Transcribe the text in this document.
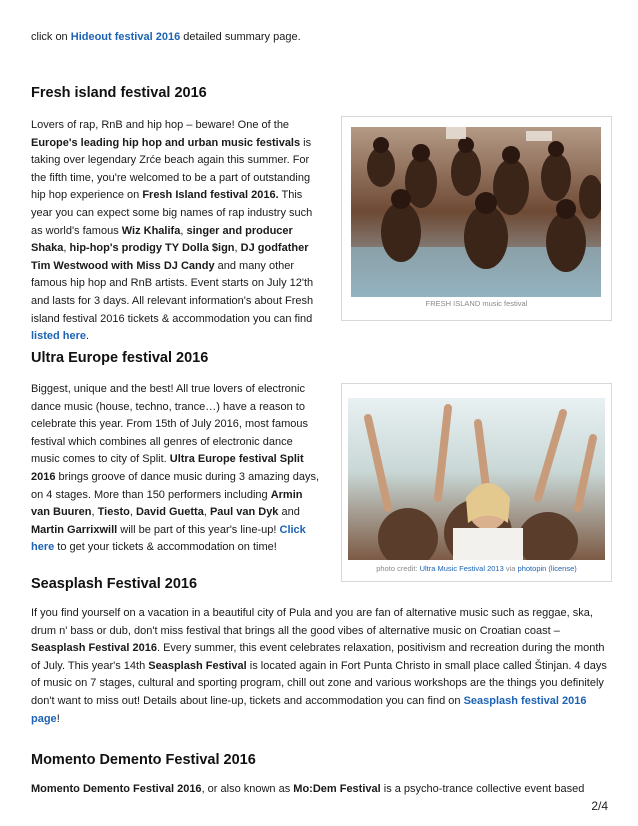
click on Hideout festival 2016 detailed summary page.

Fresh island festival 2016

Lovers of rap, RnB and hip hop – beware! One of the Europe's leading hip hop and urban music festivals is taking over legendary Zrće beach again this summer. For the fifth time, you're welcomed to be a part of outstanding hip hop experience on Fresh Island festival 2016. This year you can expect some big names of rap industry such as world's famous Wiz Khalifa, singer and producer Shaka, hip-hop's prodigy TY Dolla $ign, DJ godfather Tim Westwood with Miss DJ Candy and many other famous hip hop and RnB artists. Event starts on July 12'th and lasts for 3 days. All relevant information's about Fresh island festival 2016 tickets & accommodation you can find listed here.

FRESH ISLAND music festival
Ultra Europe festival 2016

Biggest, unique and the best! All true lovers of electronic dance music (house, techno, trance…) have a reason to celebrate this year. From 15th of July 2016, most famous festival which combines all genres of electronic dance music comes to city of Split. Ultra Europe festival Split 2016 brings groove of dance music during 3 amazing days, on 4 stages. More than 150 performers including Armin van Buuren, Tiesto, David Guetta, Paul van Dyk and Martin Garrixwill will be part of this year's line-up! Click here to get your tickets & accommodation on time!

photo credit: Ultra Music Festival 2013 via photopin (license)
Seasplash Festival 2016

If you find yourself on a vacation in a beautiful city of Pula and you are fan of alternative music such as reggae, ska, drum n' bass or dub, don't miss festival that brings all the good vibes of alternative music on Croatian coast – Seasplash Festival 2016. Every summer, this event celebrates relaxation, positivism and recreation during the month of July. This year's 14th Seasplash Festival is located again in Fort Punta Christo in small place called Štinjan. 4 days of music on 7 stages, cultural and sporting program, chill out zone and various workshops are the things you definitely don't want to miss out! Details about line-up, tickets and accommodation you can find on Seasplash festival 2016 page!

Momento Demento Festival 2016

Momento Demento Festival 2016, or also known as Mo:Dem Festival is a psycho-trance collective event based

2/4
